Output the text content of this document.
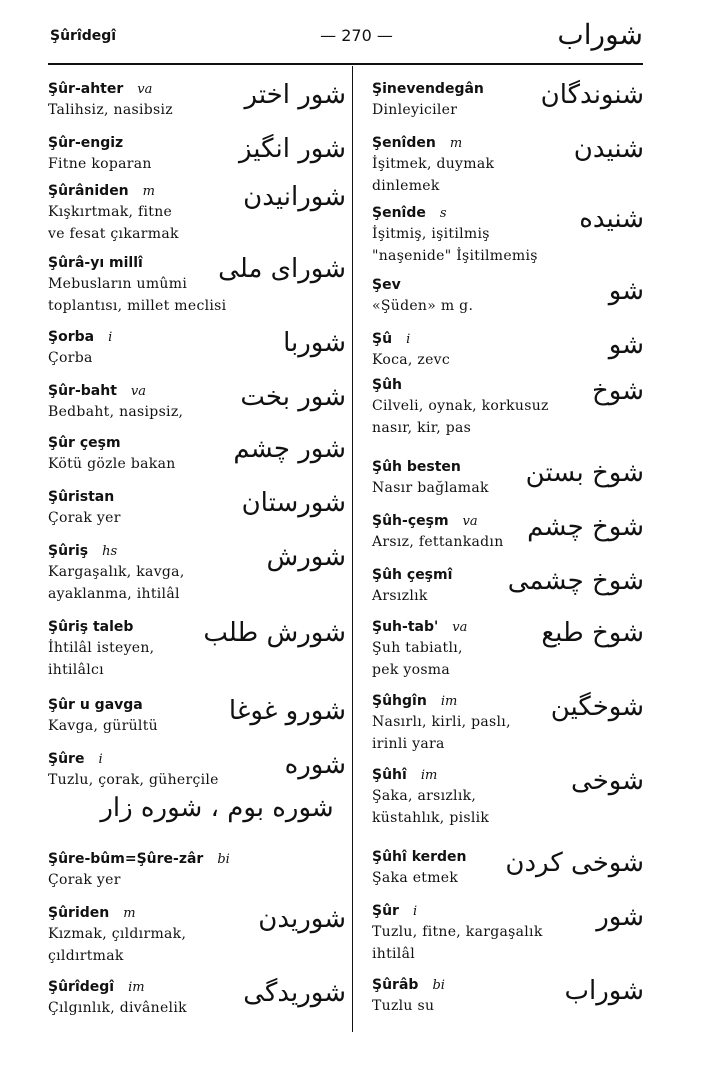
Şûrîdegî	— 270 —	شوراب
Şûr-ahter va
Talihsiz, nasibsiz	شور اختر
Şûr-engiz
Fitne koparan	شور انگیز
Şûrâniden m
Kışkırtmak, fitne
ve fesat çıkarmak
شورانیدن
Şûrâ-yı millî
Mebusların umûmi
toplantısı, millet meclisi
شورای ملی
Şorba i
Çorba	شوربا
Şûr-baht va
Bedbaht, nasipsiz,	شور بخت
Şûr çeşm
Kötü gözle bakan	شور چشم
Şûristan
Çorak yer	شورستان
Şûriş hs
Kargaşalık, kavga,
ayaklanma, ihtilâl
شورش
Şûriş taleb
İhtilâl isteyen,
ihtilâlcı
شورش طلب
Şûr u gavga
Kavga, gürültü	شورو غوغا
Şûre i
Tuzlu, çorak, güherçile
شوره بوم ، شوره زار
شوره
Şûre-bûm=Şûre-zâr bi
Çorak yer
Şûriden m
Kızmak, çıldırmak,
çıldırtmak
شوریدن
Şûrîdegî im
Çılgınlık, divânelik	شوریدگی
Şinevendegân
Dinleyiciler	شنوندگان
Şenîden m
İşitmek, duymak
dinlemek
شنیدن
Şenîde s
İşitmiş, işitilmiş
"naşenide" İşitilmemiş
شنیده
Şev
«Şüden» m g.	شو
Şû i
Koca, zevc	شو
Şûh
Cilveli, oynak, korkusuz
nasır, kir, pas
شوخ
Şûh besten
Nasır bağlamak	شوخ بستن
Şûh-çeşm va
Arsız, fettankadın شوخ چشم
Şûh çeşmî
Arsızlık	شوخ چشمی
Şuh-tab' va
Şuh tabiatlı,
pek yosma
شوخ طبع
Şûhgîn im
Nasırlı, kirli, paslı,
irinli yara
شوخگین
Şûhî im
Şaka, arsızlık,
küstahlık, pislik
شوخی
Şûhî kerden
Şaka etmek	شوخی کردن
Şûr i
Tuzlu, fitne, kargaşalık
ihtilâl
شور
Şûrâb bi
Tuzlu su	شوراب
